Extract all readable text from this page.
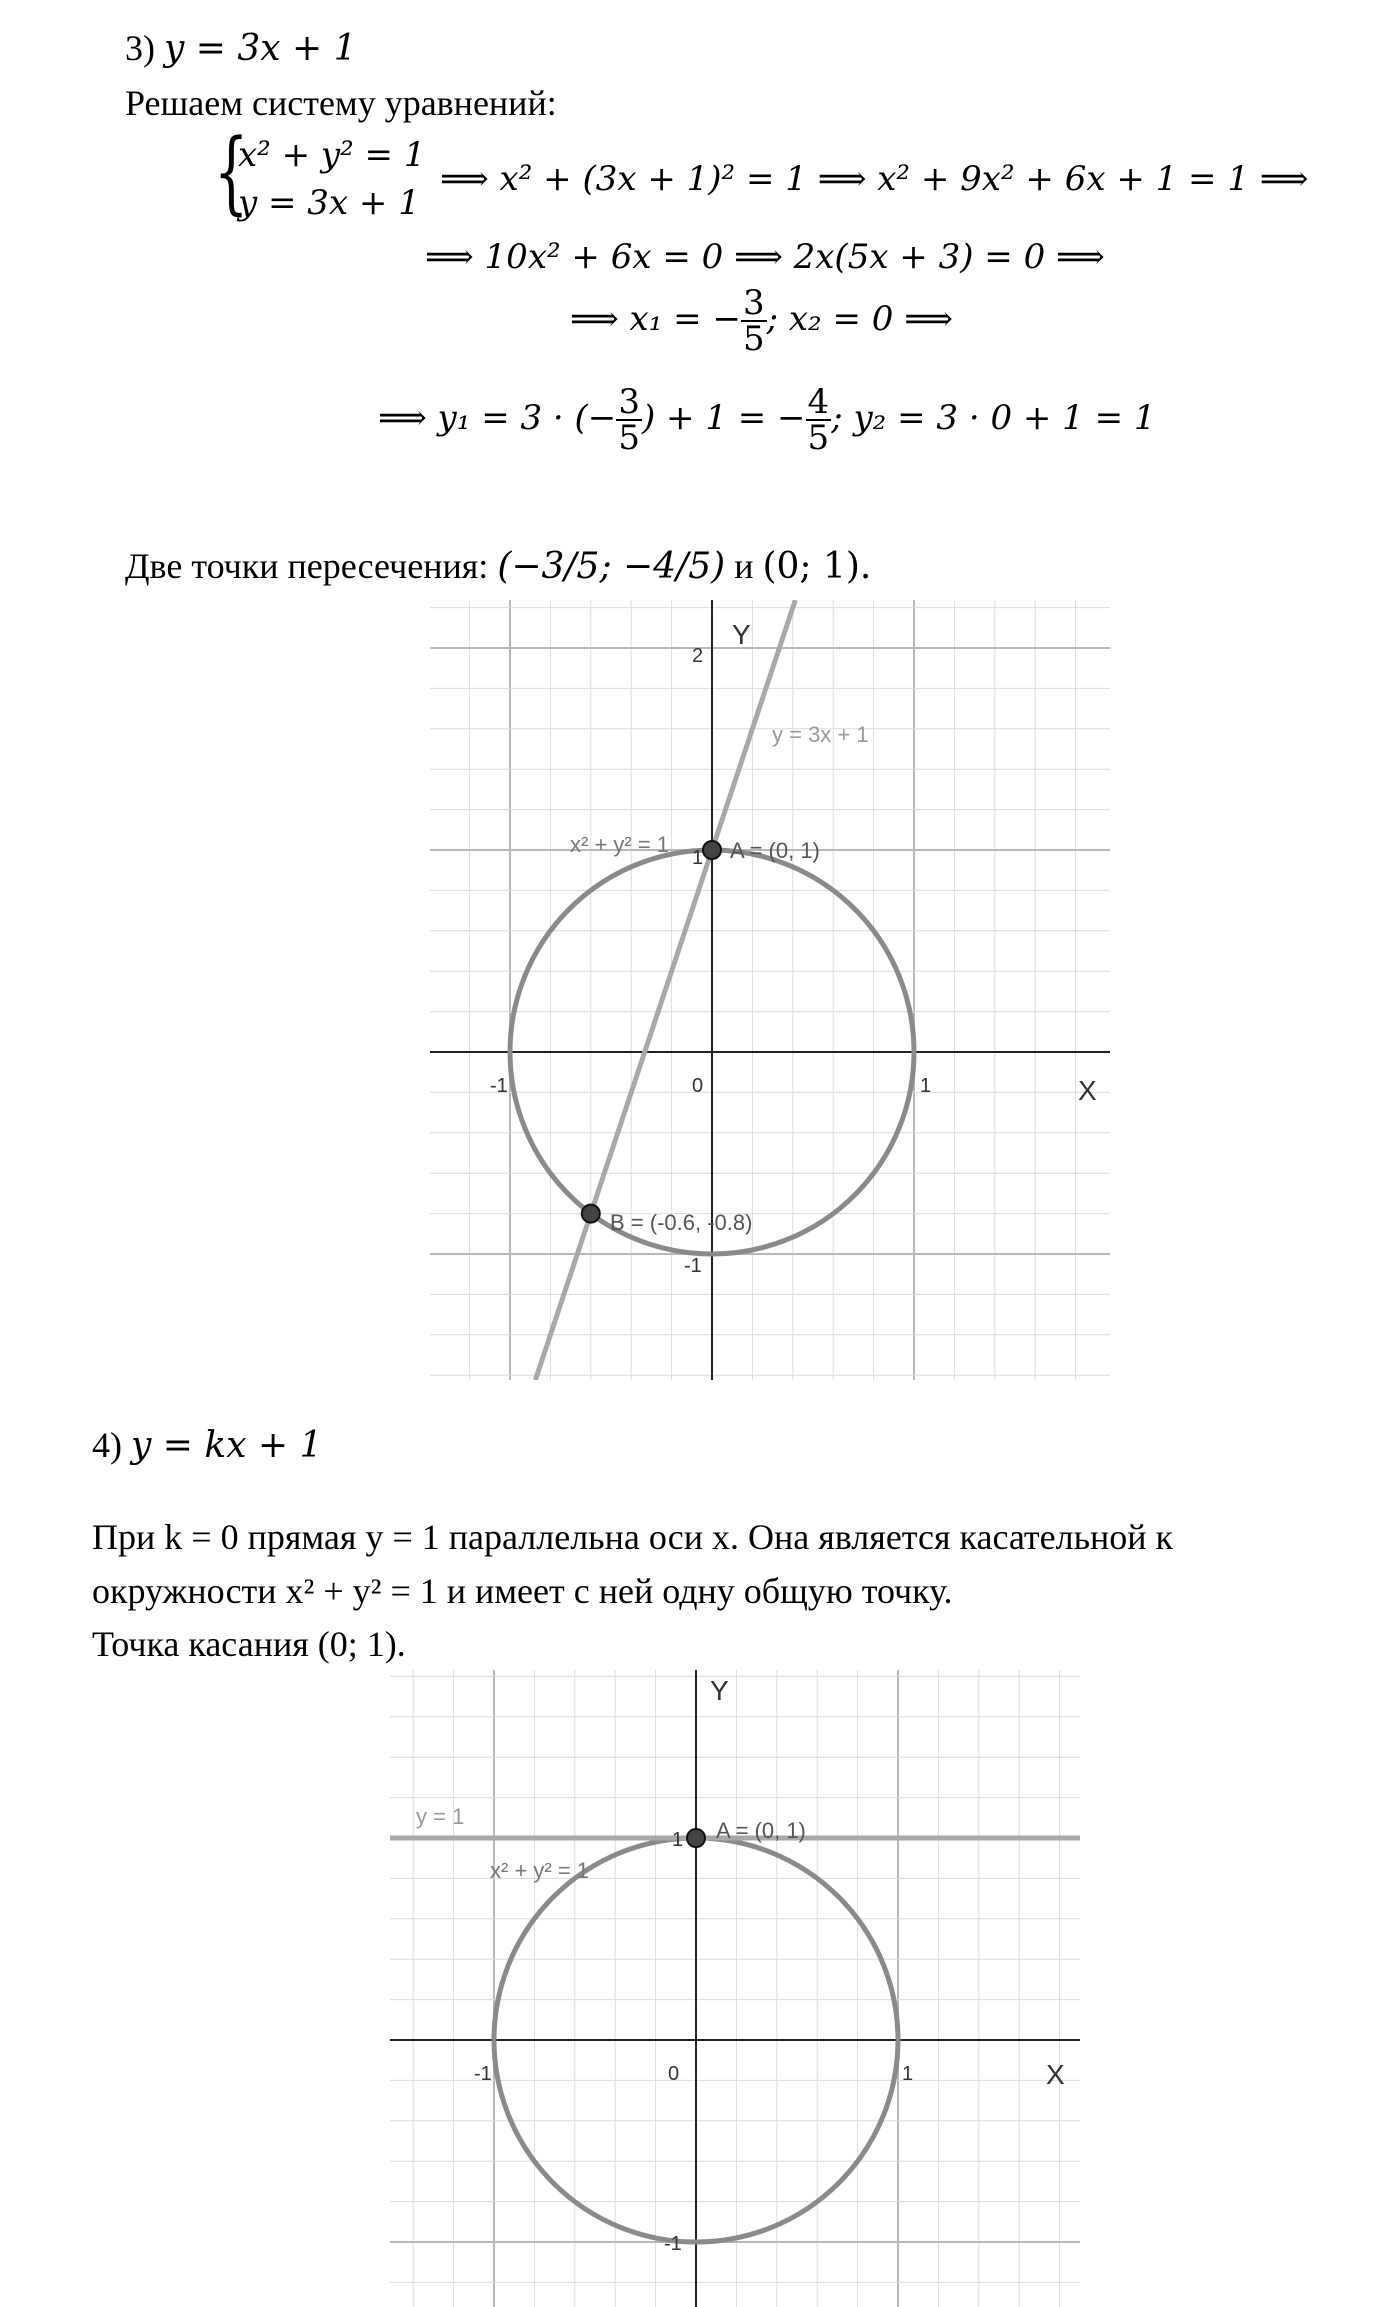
3) y = 3x + 1
Решаем систему уравнений:
{
x² + y² = 1
y = 3x + 1
⟹ x² + (3x + 1)² = 1 ⟹ x² + 9x² + 6x + 1 = 1 ⟹
⟹ 10x² + 6x = 0 ⟹ 2x(5x + 3) = 0 ⟹
⟹ x₁ = − $\frac{3}{5}$ ; x₂ = 0 ⟹
⟹ y₁ = 3 · (− $\frac{3}{5}$ ) + 1 = − $\frac{4}{5}$ ; y₂ = 3 · 0 + 1 = 1
Две точки пересечения: (−3/5; −4/5) и (0; 1).
Y
X
2
1
-1
-1	1
0
y = 3x + 1
x² + y² = 1	A = (0, 1)
B = (-0.6, -0.8)
4) y = kx + 1
При k = 0 прямая y = 1 параллельна оси x. Она является касательной к
окружности x² + y² = 1 и имеет с ней одну общую точку.
Точка касания (0; 1).
Y
X
1
-1
-1	1
0
y = 1
x² + y² = 1
A = (0, 1)
